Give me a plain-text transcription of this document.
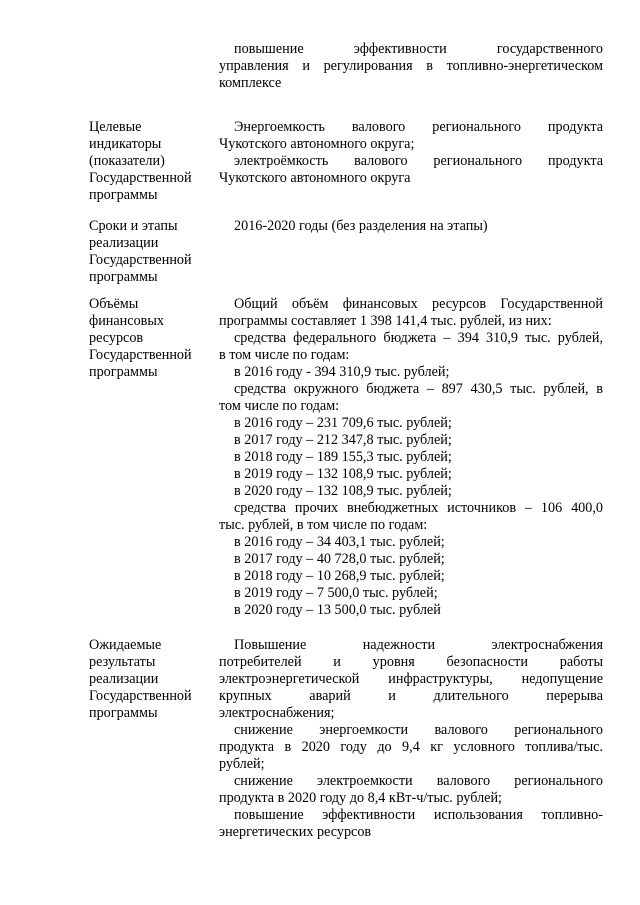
повышение эффективности государственного
управления и регулирования в топливно-энергетическом
комплексе
Целевые
индикаторы
(показатели)
Государственной
программы
Энергоемкость валового регионального продукта
Чукотского автономного округа;
электроёмкость валового регионального продукта
Чукотского автономного округа
Сроки и этапы
реализации
Государственной
программы
2016-2020 годы (без разделения на этапы)
Объёмы
финансовых
ресурсов
Государственной
программы
Общий объём финансовых ресурсов Государственной
программы составляет 1 398 141,4 тыс. рублей, из них:
средства федерального бюджета – 394 310,9 тыс. рублей,
в том числе по годам:
в 2016 году - 394 310,9 тыс. рублей;
средства окружного бюджета – 897 430,5 тыс. рублей, в
том числе по годам:
в 2016 году – 231 709,6 тыс. рублей;
в 2017 году – 212 347,8 тыс. рублей;
в 2018 году – 189 155,3 тыс. рублей;
в 2019 году – 132 108,9 тыс. рублей;
в 2020 году – 132 108,9 тыс. рублей;
средства прочих внебюджетных источников – 106 400,0
тыс. рублей, в том числе по годам:
в 2016 году – 34 403,1 тыс. рублей;
в 2017 году – 40 728,0 тыс. рублей;
в 2018 году – 10 268,9 тыс. рублей;
в 2019 году – 7 500,0 тыс. рублей;
в 2020 году – 13 500,0 тыс. рублей
Ожидаемые
результаты
реализации
Государственной
программы
Повышение надежности электроснабжения
потребителей и уровня безопасности работы
электроэнергетической инфраструктуры, недопущение
крупных аварий и длительного перерыва
электроснабжения;
снижение энергоемкости валового регионального
продукта в 2020 году до 9,4 кг условного топлива/тыс.
рублей;
снижение электроемкости валового регионального
продукта в 2020 году до 8,4 кВт-ч/тыс. рублей;
повышение эффективности использования топливно-
энергетических ресурсов
